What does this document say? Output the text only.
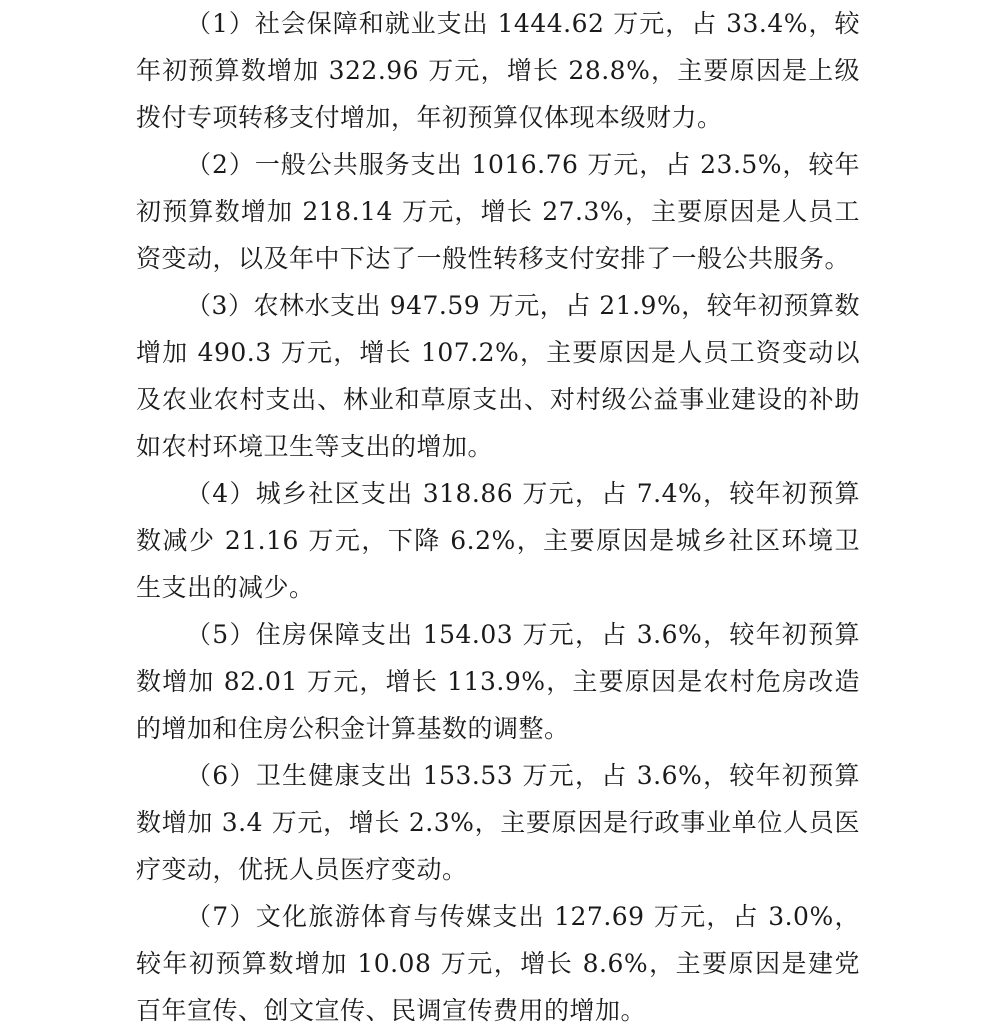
（1）社会保障和就业支出 1444.62 万元，占 33.4%，较年初预算数增加 322.96 万元，增长 28.8%，主要原因是上级拨付专项转移支付增加，年初预算仅体现本级财力。

（2）一般公共服务支出 1016.76 万元，占 23.5%，较年初预算数增加 218.14 万元，增长 27.3%，主要原因是人员工资变动，以及年中下达了一般性转移支付安排了一般公共服务。

（3）农林水支出 947.59 万元，占 21.9%，较年初预算数增加 490.3 万元，增长 107.2%，主要原因是人员工资变动以及农业农村支出、林业和草原支出、对村级公益事业建设的补助如农村环境卫生等支出的增加。

（4）城乡社区支出 318.86 万元，占 7.4%，较年初预算数减少 21.16 万元，下降 6.2%，主要原因是城乡社区环境卫生支出的减少。

（5）住房保障支出 154.03 万元，占 3.6%，较年初预算数增加 82.01 万元，增长 113.9%，主要原因是农村危房改造的增加和住房公积金计算基数的调整。

（6）卫生健康支出 153.53 万元，占 3.6%，较年初预算数增加 3.4 万元，增长 2.3%，主要原因是行政事业单位人员医疗变动，优抚人员医疗变动。

（7）文化旅游体育与传媒支出 127.69 万元，占 3.0%，较年初预算数增加 10.08 万元，增长 8.6%，主要原因是建党百年宣传、创文宣传、民调宣传费用的增加。
